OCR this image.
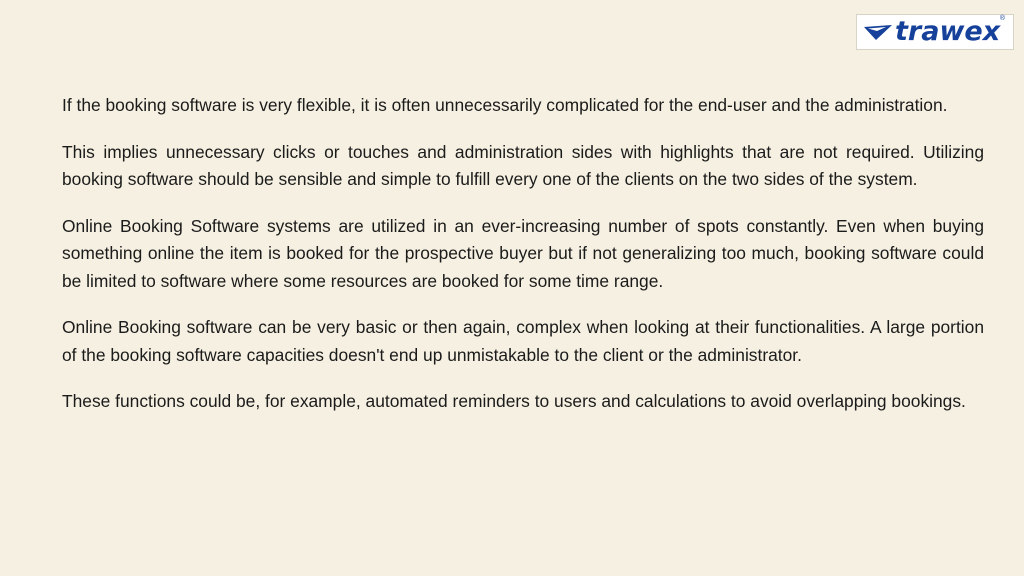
trawex ®

If the booking software is very flexible, it is often unnecessarily complicated for the end-user and the administration.

This implies unnecessary clicks or touches and administration sides with highlights that are not required. Utilizing booking software should be sensible and simple to fulfill every one of the clients on the two sides of the system.

Online Booking Software systems are utilized in an ever-increasing number of spots constantly. Even when buying something online the item is booked for the prospective buyer but if not generalizing too much, booking software could be limited to software where some resources are booked for some time range.

Online Booking software can be very basic or then again, complex when looking at their functionalities. A large portion of the booking software capacities doesn't end up unmistakable to the client or the administrator.

These functions could be, for example, automated reminders to users and calculations to avoid overlapping bookings.
